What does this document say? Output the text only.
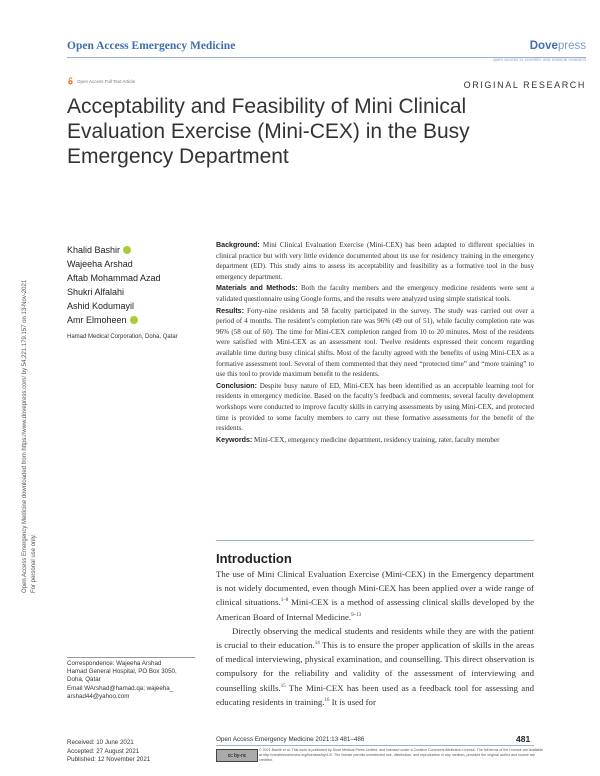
Open Access Emergency Medicine	Dovepress
open access to scientific and medical research
Open Access Full Text Article	ORIGINAL RESEARCH
Acceptability and Feasibility of Mini Clinical Evaluation Exercise (Mini-CEX) in the Busy Emergency Department
Open Access Emergency Medicine downloaded from https://www.dovepress.com/ by 54.221.179.157 on 13-Nov-2021 For personal use only.
Khalid Bashir
Wajeeha Arshad
Aftab Mohammad Azad
Shukri Alfalahi
Ashid Kodumayil
Amr Elmoheen
Hamad Medical Corporation, Doha, Qatar

Background: Mini Clinical Evaluation Exercise (Mini-CEX) has been adapted to different specialties in clinical practice but with very little evidence documented about its use for residency training in the emergency department (ED). This study aims to assess its acceptability and feasibility as a formative tool in the busy emergency department.

Materials and Methods: Both the faculty members and the emergency medicine residents were sent a validated questionnaire using Google forms, and the results were analyzed using simple statistical tools.

Results: Forty-nine residents and 58 faculty participated in the survey. The study was carried out over a period of 4 months. The resident’s completion rate was 96% (49 out of 51), while faculty completion rate was 96% (58 out of 60). The time for Mini-CEX completion ranged from 10 to 20 minutes. Most of the residents were satisfied with Mini-CEX as an assessment tool. Twelve residents expressed their concern regarding available time during busy clinical shifts. Most of the faculty agreed with the benefits of using Mini-CEX as a formative assessment tool. Several of them commented that they need “protected time” and “more training” to use this tool to provide maximum benefit to the residents.

Conclusion: Despite busy nature of ED, Mini-CEX has been identified as an acceptable learning tool for residents in emergency medicine. Based on the faculty’s feedback and comments, several faculty development workshops were conducted to improve faculty skills in carrying assessments by using Mini-CEX, and protected time is provided to some faculty members to carry out these formative assessments for the benefit of the residents.

Keywords: Mini-CEX, emergency medicine department, residency training, rater, faculty member

Introduction

The use of Mini Clinical Evaluation Exercise (Mini-CEX) in the Emergency department is not widely documented, even though Mini-CEX has been applied over a wide range of clinical situations.$^{1-8}$ Mini-CEX is a method of assessing clinical skills developed by the American Board of Internal Medicine.$^{9-13}$

Directly observing the medical students and residents while they are with the patient is crucial to their education.$^{14}$ This is to ensure the proper application of skills in the areas of medical interviewing, physical examination, and counselling. This direct observation is compulsory for the reliability and validity of the assessment of interviewing and counselling skills.$^{15}$ The Mini-CEX has been used as a feedback tool for assessing and educating residents in training.$^{16}$ It is used for

Correspondence: Wajeeha Arshad
Hamad General Hospital, PO Box 3050,
Doha, Qatar
Email WArshad@hamad.qa; wajeeha_
arshad44@yahoo.com
Received: 10 June 2021
Accepted: 27 August 2021
Published: 12 November 2021
Open Access Emergency Medicine 2021:13 481–486	481
cc by-nc
© 2021 Bashir et al. This work is published by Dove Medical Press Limited, and licensed under a Creative Commons Attribution License. The full terms of the License are available at http://creativecommons.org/licenses/by/4.0/. The license permits unrestricted use, distribution, and reproduction in any medium, provided the original author and source are credited.
